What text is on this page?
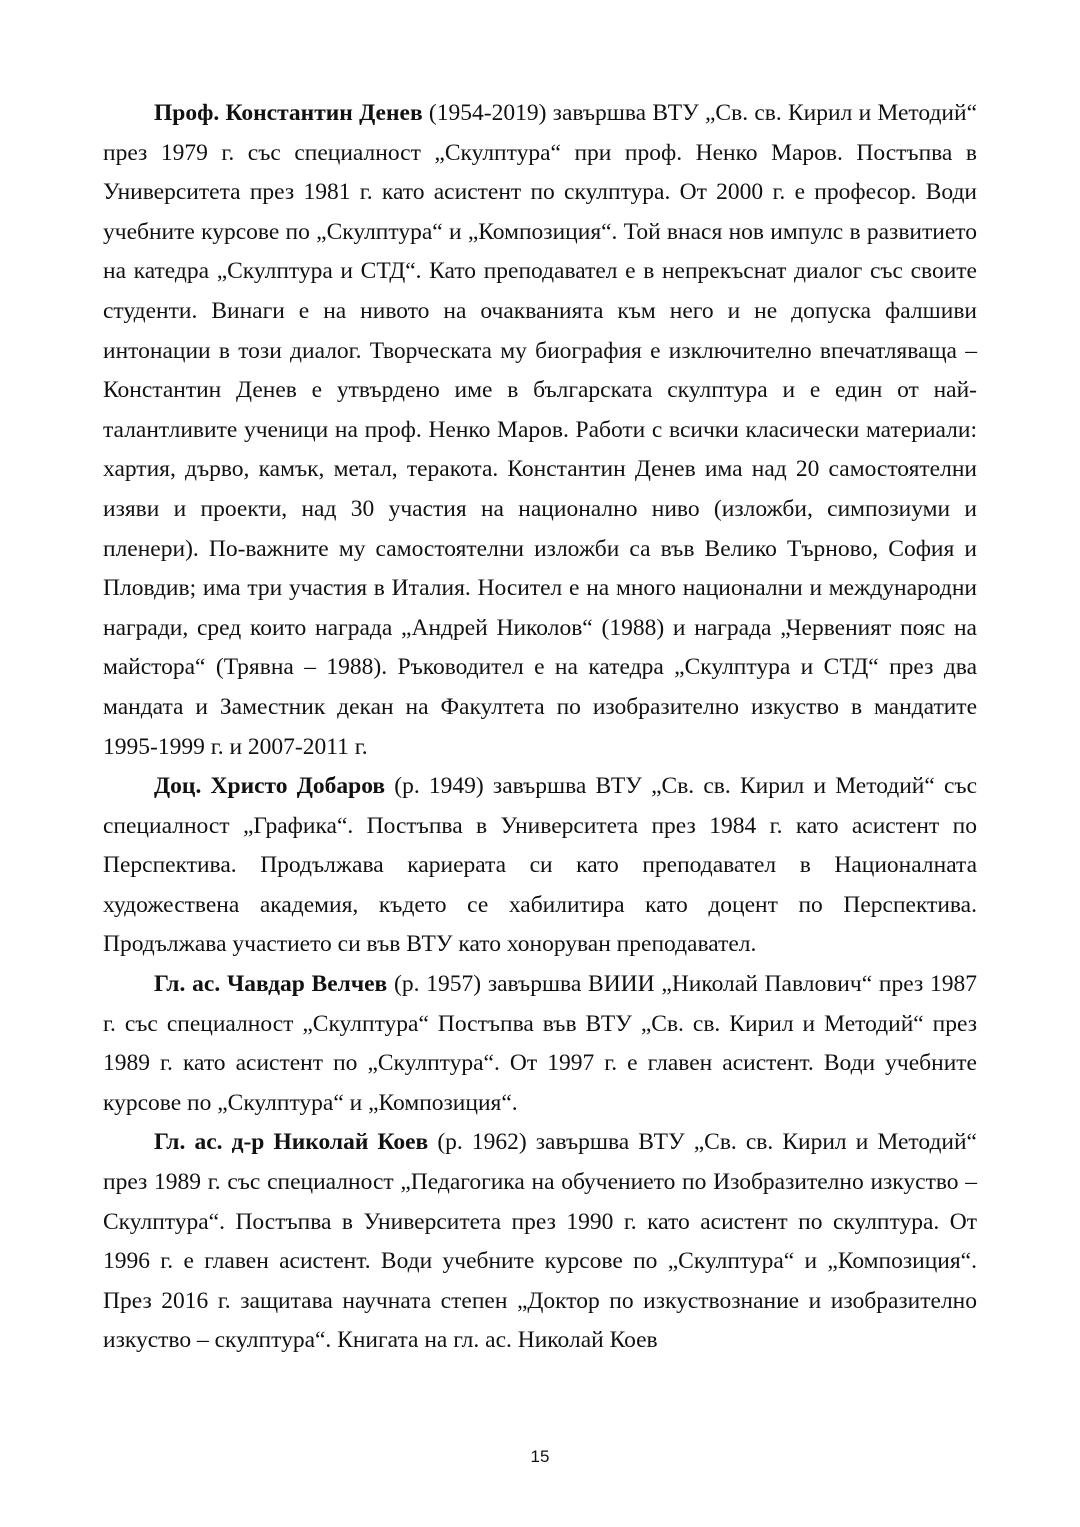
Проф. Константин Денев (1954-2019) завършва ВТУ „Св. св. Кирил и Методий“ през 1979 г. със специалност „Скулптура“ при проф. Ненко Маров. Постъпва в Университета през 1981 г. като асистент по скулптура. От 2000 г. е професор. Води учебните курсове по „Скулптура“ и „Композиция“. Той внася нов импулс в развитието на катедра „Скулптура и СТД“. Като преподавател е в непрекъснат диалог със своите студенти. Винаги е на нивото на очакванията към него и не допуска фалшиви интонации в този диалог. Творческата му биография е изключително впечатляваща – Константин Денев е утвърдено име в българската скулптура и е един от най-талантливите ученици на проф. Ненко Маров. Работи с всички класически материали: хартия, дърво, камък, метал, теракота. Константин Денев има над 20 самостоятелни изяви и проекти, над 30 участия на национално ниво (изложби, симпозиуми и пленери). По-важните му самостоятелни изложби са във Велико Търново, София и Пловдив; има три участия в Италия. Носител е на много национални и международни награди, сред които награда „Андрей Николов“ (1988) и награда „Червеният пояс на майстора“ (Трявна – 1988). Ръководител е на катедра „Скулптура и СТД“ през два мандата и Заместник декан на Факултета по изобразително изкуство в мандатите 1995-1999 г. и 2007-2011 г.

Доц. Христо Добаров (р. 1949) завършва ВТУ „Св. св. Кирил и Методий“ със специалност „Графика“. Постъпва в Университета през 1984 г. като асистент по Перспектива. Продължава кариерата си като преподавател в Националната художествена академия, където се хабилитира като доцент по Перспектива. Продължава участието си във ВТУ като хоноруван преподавател.

Гл. ас. Чавдар Велчев (р. 1957) завършва ВИИИ „Николай Павлович“ през 1987 г. със специалност „Скулптура“ Постъпва във ВТУ „Св. св. Кирил и Методий“ през 1989 г. като асистент по „Скулптура“. От 1997 г. е главен асистент. Води учебните курсове по „Скулптура“ и „Композиция“.

Гл. ас. д-р Николай Коев (р. 1962) завършва ВТУ „Св. св. Кирил и Методий“ през 1989 г. със специалност „Педагогика на обучението по Изобразително изкуство – Скулптура“. Постъпва в Университета през 1990 г. като асистент по скулптура. От 1996 г. е главен асистент. Води учебните курсове по „Скулптура“ и „Композиция“. През 2016 г. защитава научната степен „Доктор по изкуствознание и изобразително изкуство – скулптура“. Книгата на гл. ас. Николай Коев

15
